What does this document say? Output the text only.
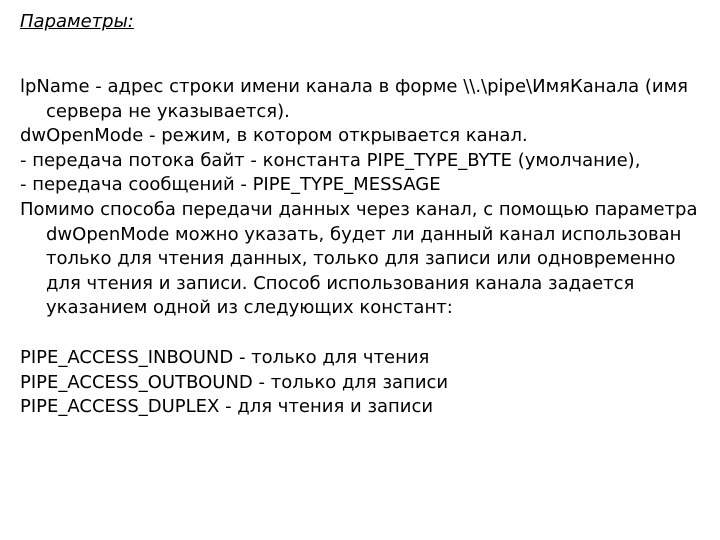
Параметры:

lpName - адрес строки имени канала в форме \\.\pipe\ИмяКанала (имя сервера не указывается).

dwOpenMode - режим, в котором открывается канал.

- передача потока байт - константа PIPE_TYPE_BYTE (умолчание),

- передача сообщений - PIPE_TYPE_MESSAGE

Помимо способа передачи данных через канал, с помощью параметра dwOpenMode можно указать, будет ли данный канал использован только для чтения данных, только для записи или одновременно для чтения и записи. Способ использования канала задается указанием одной из следующих констант:

PIPE_ACCESS_INBOUND - только для чтения

PIPE_ACCESS_OUTBOUND - только для записи

PIPE_ACCESS_DUPLEX - для чтения и записи
